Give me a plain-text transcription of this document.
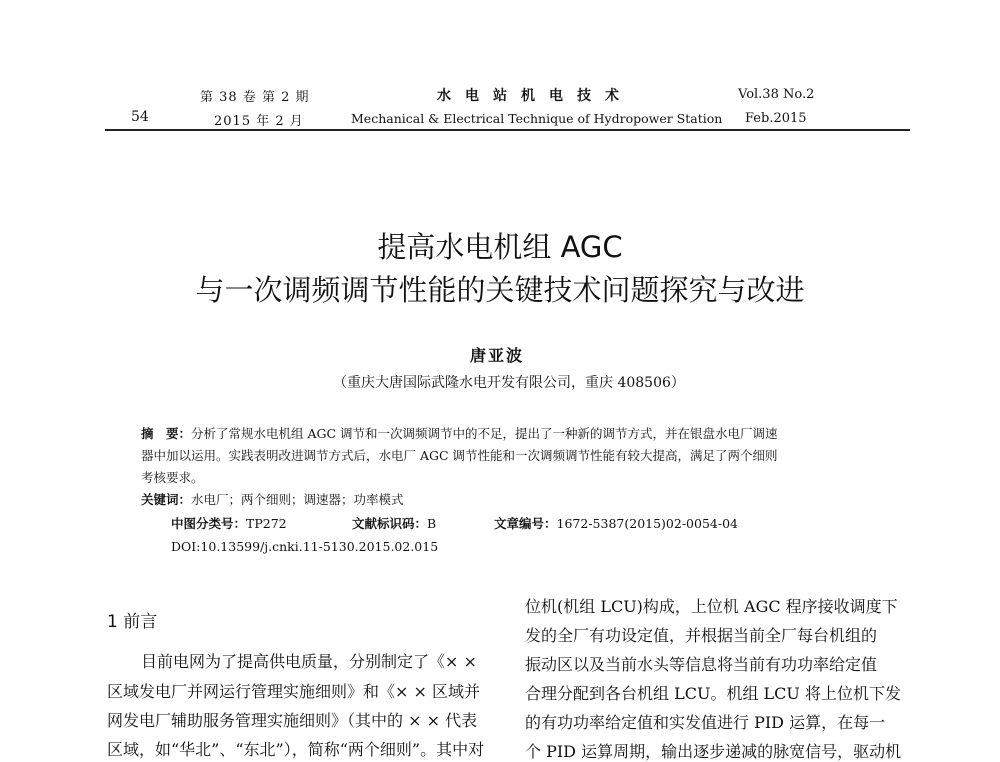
第 38 卷 第 2 期	水电站机电技术	Vol.38 No.2
54	2015 年 2 月	Mechanical & Electrical Technique of Hydropower Station Feb.2015
提高水电机组 AGC
与一次调频调节性能的关键技术问题探究与改进
唐亚波
（重庆大唐国际武隆水电开发有限公司，重庆 408506）
摘　要：分析了常规水电机组 AGC 调节和一次调频调节中的不足，提出了一种新的调节方式，并在银盘水电厂调速
器中加以运用。实践表明改进调节方式后，水电厂 AGC 调节性能和一次调频调节性能有较大提高，满足了两个细则
考核要求。
关键词：水电厂；两个细则；调速器；功率模式
中图分类号：TP272	文献标识码：B	文章编号：1672-5387(2015)02-0054-04
DOI:10.13599/j.cnki.11-5130.2015.02.015
1 前言
目前电网为了提高供电质量，分别制定了《× ×
区域发电厂并网运行管理实施细则》和《× × 区域并
网发电厂辅助服务管理实施细则》（其中的 × × 代表
区域，如“华北”、“东北”），简称“两个细则”。其中对
位机(机组 LCU)构成，上位机 AGC 程序接收调度下
发的全厂有功设定值，并根据当前全厂每台机组的
振动区以及当前水头等信息将当前有功功率给定值
合理分配到各台机组 LCU。机组 LCU 将上位机下发
的有功功率给定值和实发值进行 PID 运算，在每一
个 PID 运算周期，输出逐步递减的脉宽信号，驱动机
